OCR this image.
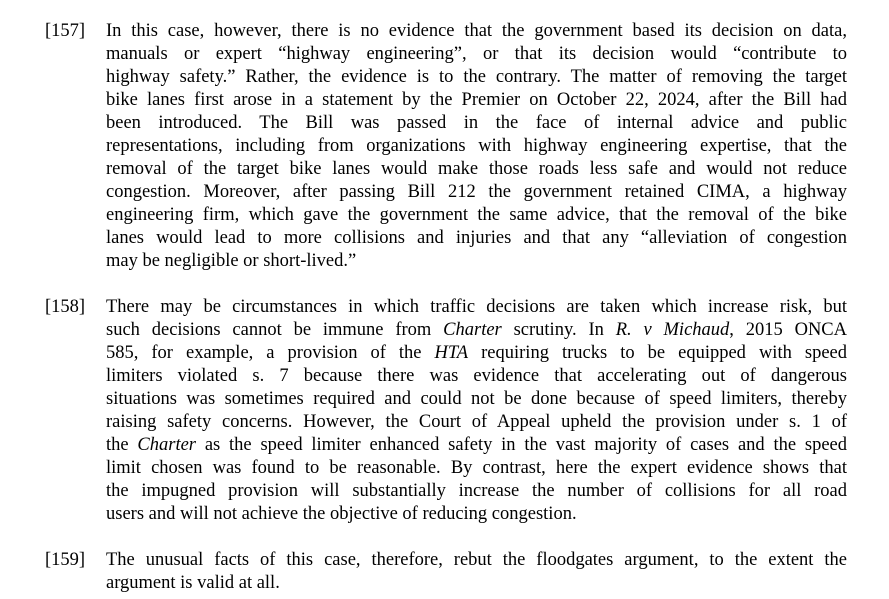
[157]	In this case, however, there is no evidence that the government based its decision on data,
manuals or expert “highway engineering”, or that its decision would “contribute to
highway safety.” Rather, the evidence is to the contrary. The matter of removing the target
bike lanes first arose in a statement by the Premier on October 22, 2024, after the Bill had
been introduced. The Bill was passed in the face of internal advice and public
representations, including from organizations with highway engineering expertise, that the
removal of the target bike lanes would make those roads less safe and would not reduce
congestion. Moreover, after passing Bill 212 the government retained CIMA, a highway
engineering firm, which gave the government the same advice, that the removal of the bike
lanes would lead to more collisions and injuries and that any “alleviation of congestion
may be negligible or short-lived.”
[158]	There may be circumstances in which traffic decisions are taken which increase risk, but
such decisions cannot be immune from Charter scrutiny. In R. v Michaud, 2015 ONCA
585, for example, a provision of the HTA requiring trucks to be equipped with speed
limiters violated s. 7 because there was evidence that accelerating out of dangerous
situations was sometimes required and could not be done because of speed limiters, thereby
raising safety concerns. However, the Court of Appeal upheld the provision under s. 1 of
the Charter as the speed limiter enhanced safety in the vast majority of cases and the speed
limit chosen was found to be reasonable. By contrast, here the expert evidence shows that
the impugned provision will substantially increase the number of collisions for all road
users and will not achieve the objective of reducing congestion.
[159]	The unusual facts of this case, therefore, rebut the floodgates argument, to the extent the
argument is valid at all.
